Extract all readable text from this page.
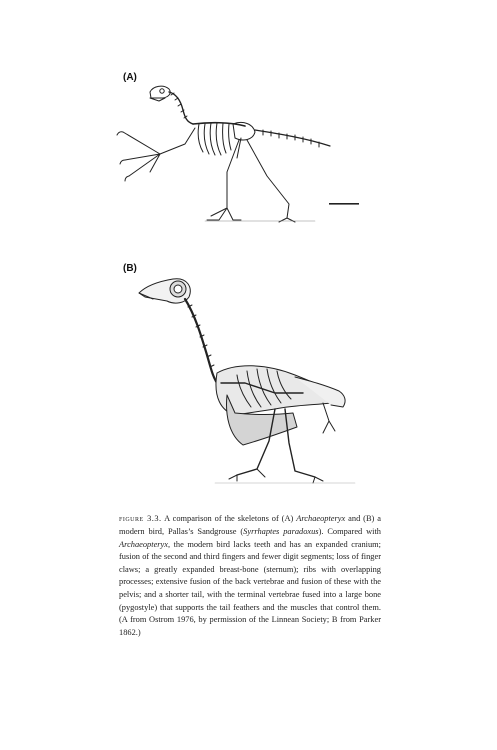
(A)
(B)

figure 3.3. A comparison of the skeletons of (A) Archaeopteryx and (B) a modern bird, Pallas’s Sandgrouse (Syrrhaptes paradoxus). Compared with Archaeopteryx, the modern bird lacks teeth and has an expanded cranium; fusion of the second and third fingers and fewer digit segments; loss of finger claws; a greatly expanded breast-bone (sternum); ribs with overlapping processes; extensive fusion of the back vertebrae and fusion of these with the pelvis; and a shorter tail, with the terminal vertebrae fused into a large bone (pygostyle) that supports the tail feathers and the muscles that control them. (A from Ostrom 1976, by permission of the Linnean Society; B from Parker 1862.)
